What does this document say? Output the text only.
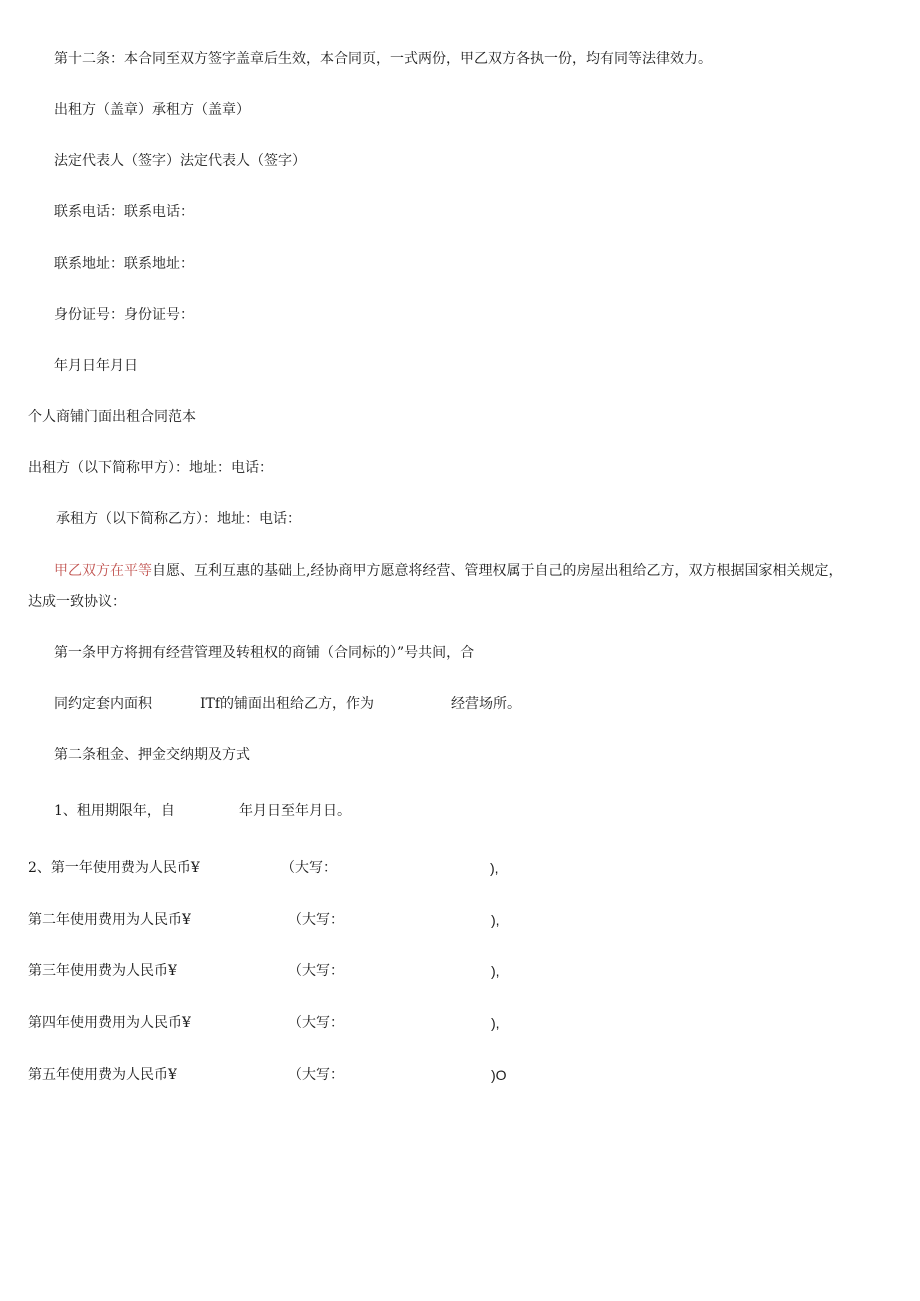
第十二条：本合同至双方签字盖章后生效，本合同页，一式两份，甲乙双方各执一份，均有同等法律效力。
出租方（盖章）承租方（盖章）
法定代表人（签字）法定代表人（签字）
联系电话：联系电话：
联系地址：联系地址：
身份证号：身份证号：
年月日年月日
个人商铺门面出租合同范本
出租方（以下简称甲方）：地址：电话：
承租方（以下简称乙方）：地址：电话：
甲乙双方在平等自愿、互利互惠的基础上,经协商甲方愿意将经营、管理权属于自己的房屋出租给乙方，双方根据国家相关规定，
达成一致协议：
第一条甲方将拥有经营管理及转租权的商铺（合同标的）”号共间，合
同约定套内面积	ITf的铺面出租给乙方，作为	经营场所。
第二条租金、押金交纳期及方式
1、租用期限年，自	年月日至年月日。
2、第一年使用费为人民币¥	（大写：	),
第二年使用费用为人民币¥	（大写：	),
第三年使用费为人民币¥	（大写：	),
第四年使用费用为人民币¥	（大写：	),
第五年使用费为人民币¥	（大写：	)O
